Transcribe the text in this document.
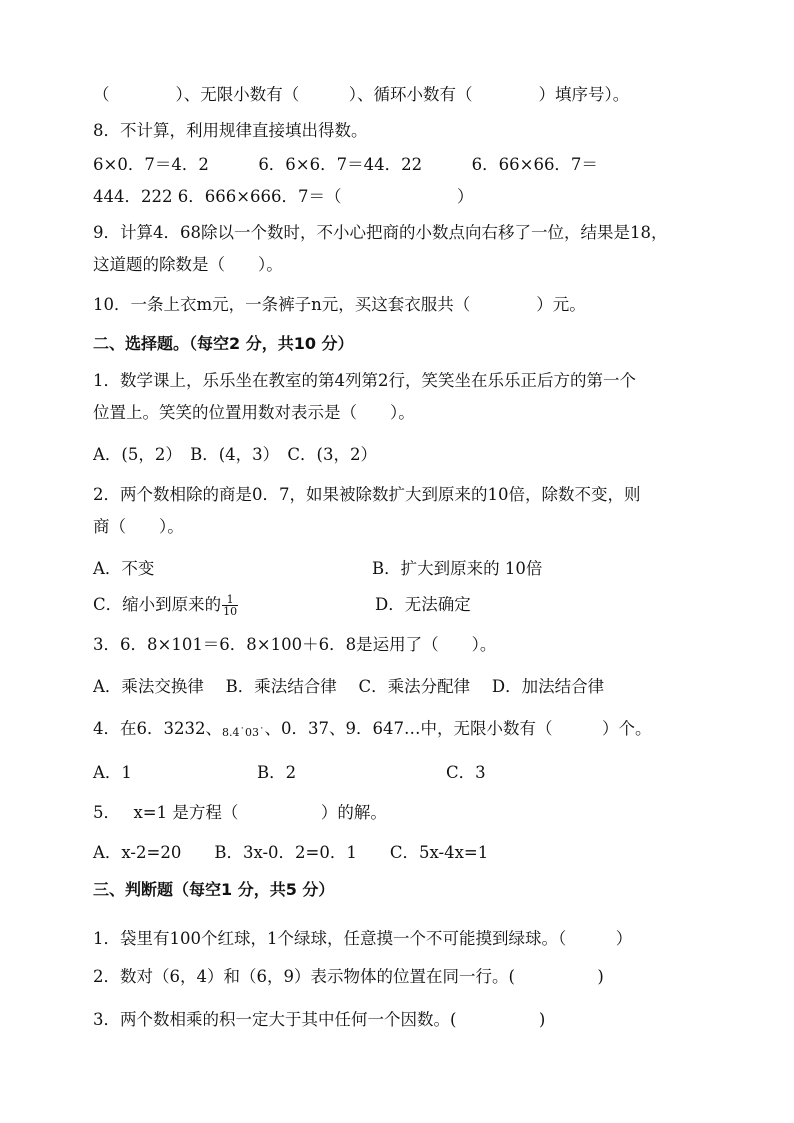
（　　　　）、无限小数有（　　　）、循环小数有（　　　　）填序号）。
8．不计算，利用规律直接填出得数。
6×0．7＝4．2　　　6．6×6．7＝44．22　　　6．66×66．7＝
444．222 6．666×666．7＝（　　　　　　　）
9．计算4．68除以一个数时，不小心把商的小数点向右移了一位，结果是18，
这道题的除数是（　　）。
10．一条上衣m元，一条裤子n元，买这套衣服共（　　　　）元。
二、选择题。（每空2 分，共10 分）
1．数学课上，乐乐坐在教室的第4列第2行，笑笑坐在乐乐正后方的第一个
位置上。笑笑的位置用数对表示是（　　）。
A．(5，2）　B．(4，3）　C．(3，2）
2．两个数相除的商是0．7，如果被除数扩大到原来的10倍，除数不变，则
商（　　）。
A．不变	B．扩大到原来的 10倍
C．缩小到原来的 $\frac{1}{10}$	D．无法确定
3．6．8×101＝6．8×100＋6．8是运用了（　　）。
A．乘法交换律　 B．乘法结合律　 C．乘法分配律　 D．加法结合律
4．在6．3232、8.4˙03˙、0．37、9．647…中，无限小数有（　　　）个。
A．1	B．2	C．3
5．　 x=1 是方程（　　　　　）的解。
A．x-2=20　　B．3x-0．2=0．1　　C．5x-4x=1
三、判断题（每空1 分，共5 分）
1．袋里有100个红球，1个绿球，任意摸一个不可能摸到绿球。（　　　）
2．数对（6，4）和（6，9）表示物体的位置在同一行。(　　　　　)
3．两个数相乘的积一定大于其中任何一个因数。(　　　　　)
